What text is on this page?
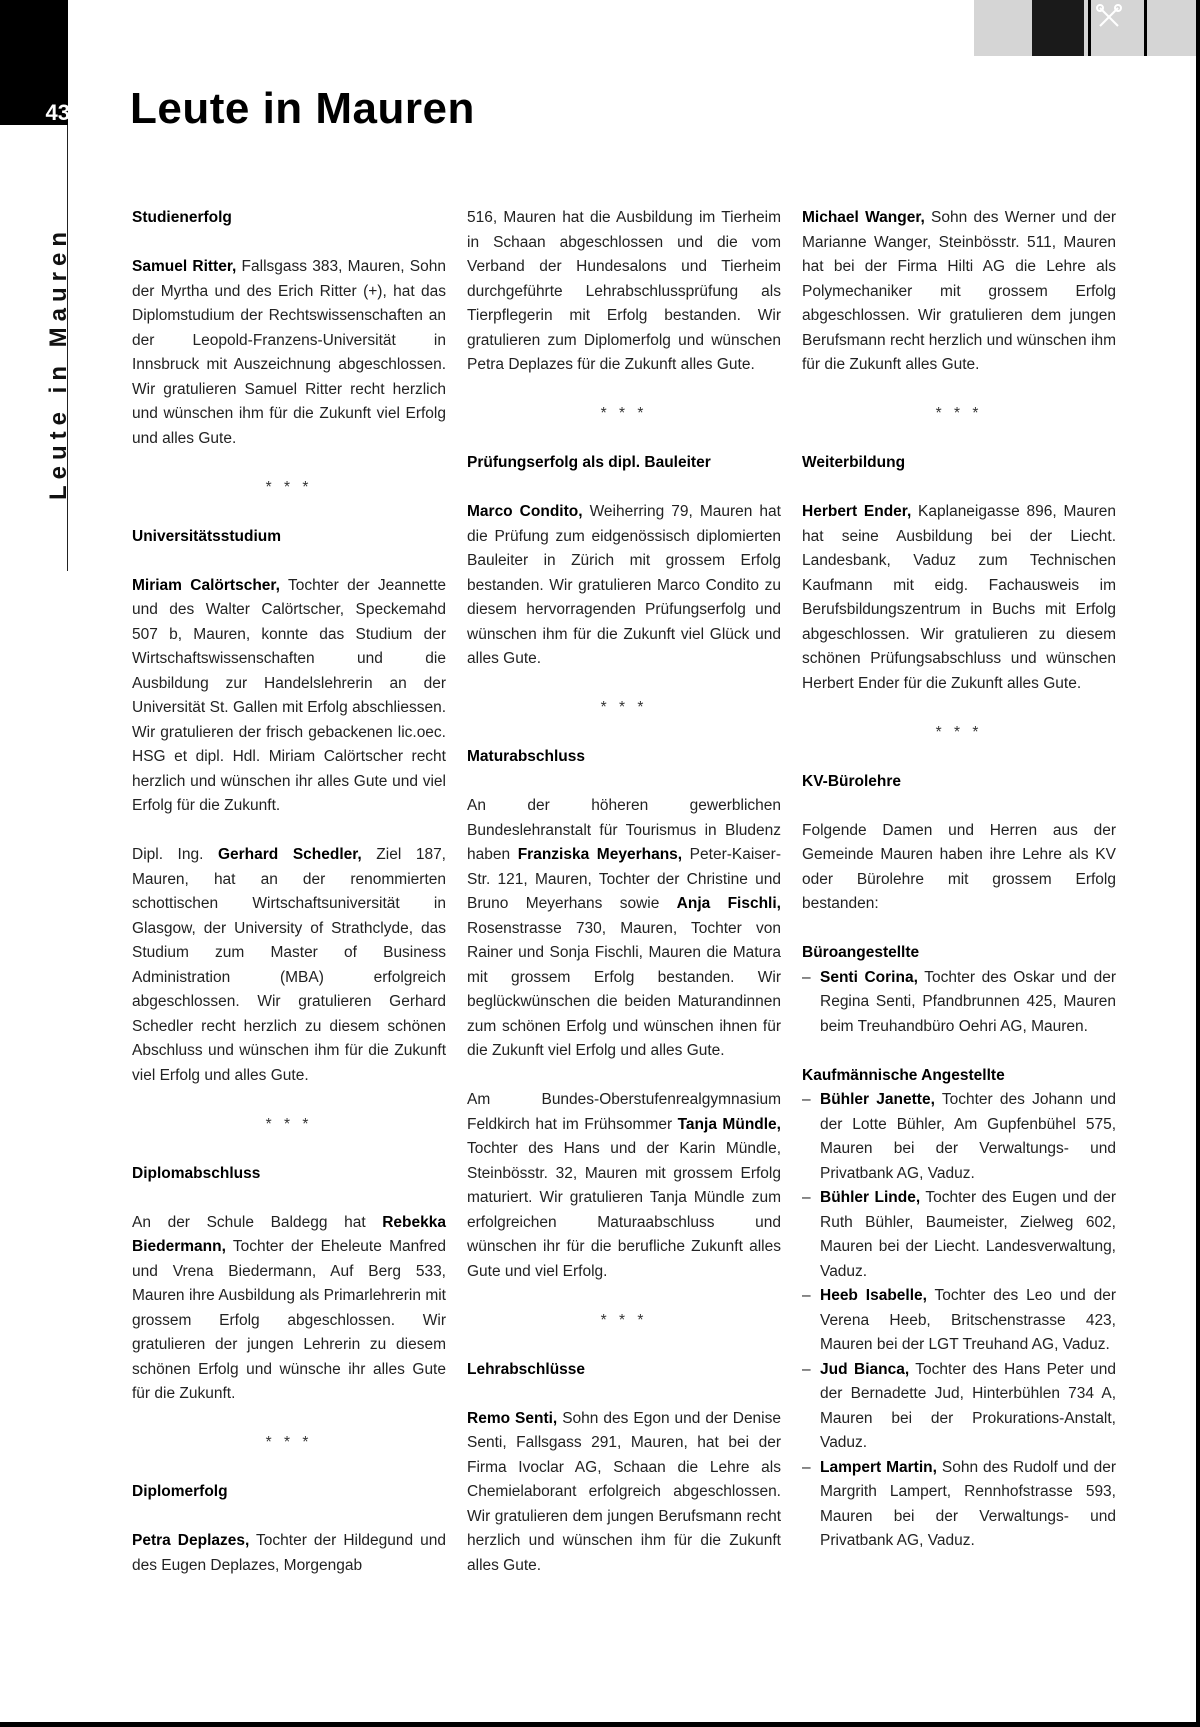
43
Leute in Mauren
Leute in Mauren
Studienerfolg

Samuel Ritter, Fallsgass 383, Mauren, Sohn der Myrtha und des Erich Ritter (+), hat das Diplomstudium der Rechtswissenschaften an der Leopold-Franzens-Universität in Innsbruck mit Auszeichnung abgeschlossen. Wir gratulieren Samuel Ritter recht herzlich und wünschen ihm für die Zukunft viel Erfolg und alles Gute.

* * *
Universitätsstudium

Miriam Calörtscher, Tochter der Jeannette und des Walter Calörtscher, Speckemahd 507 b, Mauren, konnte das Studium der Wirtschaftswissenschaften und die Ausbildung zur Handelslehrerin an der Universität St. Gallen mit Erfolg abschliessen. Wir gratulieren der frisch gebackenen lic.oec. HSG et dipl. Hdl. Miriam Calörtscher recht herzlich und wünschen ihr alles Gute und viel Erfolg für die Zukunft.

Dipl. Ing. Gerhard Schedler, Ziel 187, Mauren, hat an der renommierten schottischen Wirtschaftsuniversität in Glasgow, der University of Strathclyde, das Studium zum Master of Business Administration (MBA) erfolgreich abgeschlossen. Wir gratulieren Gerhard Schedler recht herzlich zu diesem schönen Abschluss und wünschen ihm für die Zukunft viel Erfolg und alles Gute.

* * *
Diplomabschluss

An der Schule Baldegg hat Rebekka Biedermann, Tochter der Eheleute Manfred und Vrena Biedermann, Auf Berg 533, Mauren ihre Ausbildung als Primarlehrerin mit grossem Erfolg abgeschlossen. Wir gratulieren der jungen Lehrerin zu diesem schönen Erfolg und wünsche ihr alles Gute für die Zukunft.

* * *
Diplomerfolg

Petra Deplazes, Tochter der Hildegund und des Eugen Deplazes, Morgengab

516, Mauren hat die Ausbildung im Tierheim in Schaan abgeschlossen und die vom Verband der Hundesalons und Tierheim durchgeführte Lehrabschlussprüfung als Tierpflegerin mit Erfolg bestanden. Wir gratulieren zum Diplomerfolg und wünschen Petra Deplazes für die Zukunft alles Gute.

* * *
Prüfungserfolg als dipl. Bauleiter

Marco Condito, Weiherring 79, Mauren hat die Prüfung zum eidgenössisch diplomierten Bauleiter in Zürich mit grossem Erfolg bestanden. Wir gratulieren Marco Condito zu diesem hervorragenden Prüfungserfolg und wünschen ihm für die Zukunft viel Glück und alles Gute.

* * *
Maturabschluss

An der höheren gewerblichen Bundeslehranstalt für Tourismus in Bludenz haben Franziska Meyerhans, Peter-Kaiser-Str. 121, Mauren, Tochter der Christine und Bruno Meyerhans sowie Anja Fischli, Rosenstrasse 730, Mauren, Tochter von Rainer und Sonja Fischli, Mauren die Matura mit grossem Erfolg bestanden. Wir beglückwünschen die beiden Maturandinnen zum schönen Erfolg und wünschen ihnen für die Zukunft viel Erfolg und alles Gute.

Am Bundes-Oberstufenrealgymnasium Feldkirch hat im Frühsommer Tanja Mündle, Tochter des Hans und der Karin Mündle, Steinbösstr. 32, Mauren mit grossem Erfolg maturiert. Wir gratulieren Tanja Mündle zum erfolgreichen Maturaabschluss und wünschen ihr für die berufliche Zukunft alles Gute und viel Erfolg.

* * *
Lehrabschlüsse

Remo Senti, Sohn des Egon und der Denise Senti, Fallsgass 291, Mauren, hat bei der Firma Ivoclar AG, Schaan die Lehre als Chemielaborant erfolgreich abgeschlossen. Wir gratulieren dem jungen Berufsmann recht herzlich und wünschen ihm für die Zukunft alles Gute.

Michael Wanger, Sohn des Werner und der Marianne Wanger, Steinbösstr. 511, Mauren hat bei der Firma Hilti AG die Lehre als Polymechaniker mit grossem Erfolg abgeschlossen. Wir gratulieren dem jungen Berufsmann recht herzlich und wünschen ihm für die Zukunft alles Gute.

* * *
Weiterbildung

Herbert Ender, Kaplaneigasse 896, Mauren hat seine Ausbildung bei der Liecht. Landesbank, Vaduz zum Technischen Kaufmann mit eidg. Fachausweis im Berufsbildungszentrum in Buchs mit Erfolg abgeschlossen. Wir gratulieren zu diesem schönen Prüfungsabschluss und wünschen Herbert Ender für die Zukunft alles Gute.

* * *
KV-Bürolehre

Folgende Damen und Herren aus der Gemeinde Mauren haben ihre Lehre als KV oder Bürolehre mit grossem Erfolg bestanden:

Büroangestellte
– Senti Corina, Tochter des Oskar und der Regina Senti, Pfandbrunnen 425, Mauren beim Treuhandbüro Oehri AG, Mauren.
Kaufmännische Angestellte
– Bühler Janette, Tochter des Johann und der Lotte Bühler, Am Gupfenbühel 575, Mauren bei der Verwaltungs- und Privatbank AG, Vaduz.
– Bühler Linde, Tochter des Eugen und der Ruth Bühler, Baumeister, Zielweg 602, Mauren bei der Liecht. Landesverwaltung, Vaduz.
– Heeb Isabelle, Tochter des Leo und der Verena Heeb, Britschenstrasse 423, Mauren bei der LGT Treuhand AG, Vaduz.
– Jud Bianca, Tochter des Hans Peter und der Bernadette Jud, Hinterbühlen 734 A, Mauren bei der Prokurations-Anstalt, Vaduz.
– Lampert Martin, Sohn des Rudolf und der Margrith Lampert, Rennhofstrasse 593, Mauren bei der Verwaltungs- und Privatbank AG, Vaduz.
